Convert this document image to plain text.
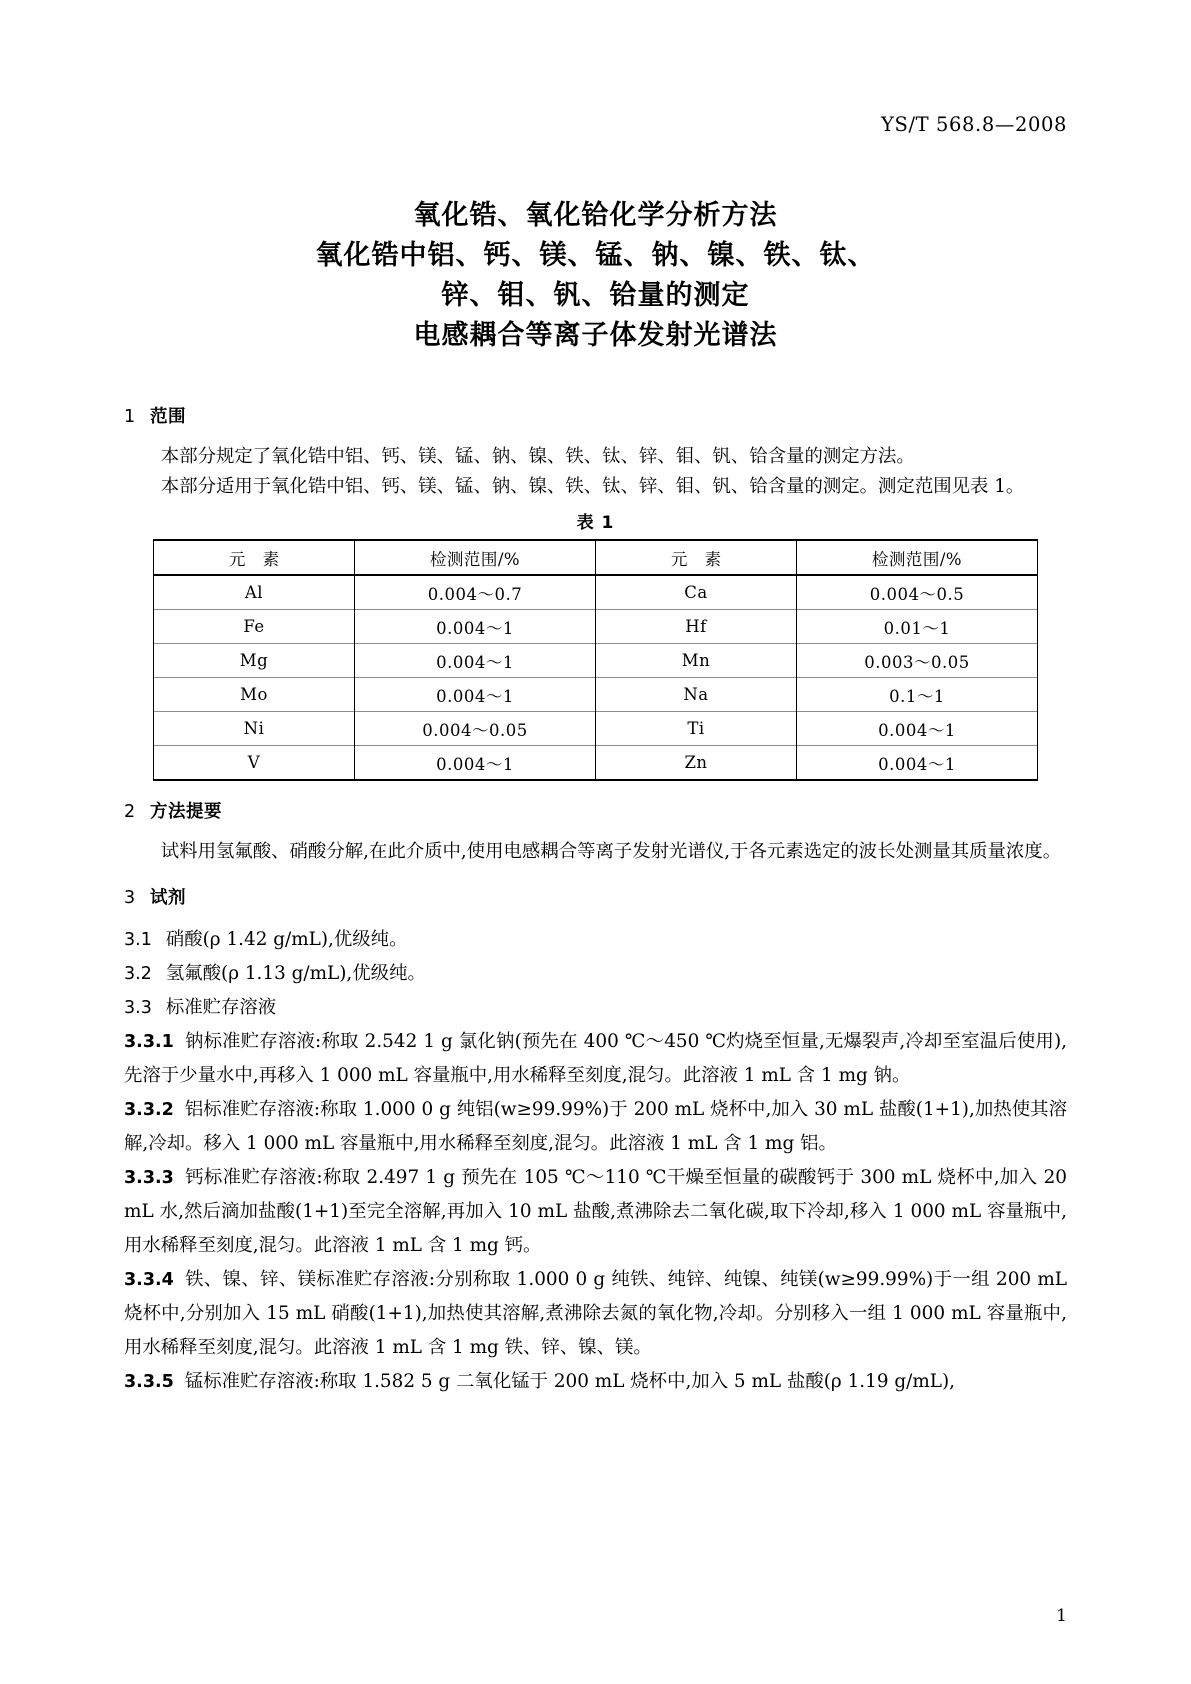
YS/T 568.8—2008
氧化锆、氧化铪化学分析方法
氧化锆中铝、钙、镁、锰、钠、镍、铁、钛、
锌、钼、钒、铪量的测定
电感耦合等离子体发射光谱法
1 范围

本部分规定了氧化锆中铝、钙、镁、锰、钠、镍、铁、钛、锌、钼、钒、铪含量的测定方法。

本部分适用于氧化锆中铝、钙、镁、锰、钠、镍、铁、钛、锌、钼、钒、铪含量的测定。测定范围见表 1。

表 1
元 素	检测范围/%	元 素	检测范围/%
Al	0.004～0.7	Ca	0.004～0.5
Fe	0.004～1	Hf	0.01～1
Mg	0.004～1	Mn	0.003～0.05
Mo	0.004～1	Na	0.1～1
Ni	0.004～0.05	Ti	0.004～1
V	0.004～1	Zn	0.004～1
2 方法提要

试料用氢氟酸、硝酸分解,在此介质中,使用电感耦合等离子发射光谱仪,于各元素选定的波长处测量其质量浓度。

3 试剂

3.1 硝酸(ρ 1.42 g/mL),优级纯。

3.2 氢氟酸(ρ 1.13 g/mL),优级纯。

3.3 标准贮存溶液

3.3.1 钠标准贮存溶液:称取 2.542 1 g 氯化钠(预先在 400 ℃～450 ℃灼烧至恒量,无爆裂声,冷却至室温后使用),先溶于少量水中,再移入 1 000 mL 容量瓶中,用水稀释至刻度,混匀。此溶液 1 mL 含 1 mg 钠。

3.3.2 铝标准贮存溶液:称取 1.000 0 g 纯铝(w≥99.99%)于 200 mL 烧杯中,加入 30 mL 盐酸(1+1),加热使其溶解,冷却。移入 1 000 mL 容量瓶中,用水稀释至刻度,混匀。此溶液 1 mL 含 1 mg 铝。

3.3.3 钙标准贮存溶液:称取 2.497 1 g 预先在 105 ℃～110 ℃干燥至恒量的碳酸钙于 300 mL 烧杯中,加入 20 mL 水,然后滴加盐酸(1+1)至完全溶解,再加入 10 mL 盐酸,煮沸除去二氧化碳,取下冷却,移入 1 000 mL 容量瓶中,用水稀释至刻度,混匀。此溶液 1 mL 含 1 mg 钙。

3.3.4 铁、镍、锌、镁标准贮存溶液:分别称取 1.000 0 g 纯铁、纯锌、纯镍、纯镁(w≥99.99%)于一组 200 mL 烧杯中,分别加入 15 mL 硝酸(1+1),加热使其溶解,煮沸除去氮的氧化物,冷却。分别移入一组 1 000 mL 容量瓶中,用水稀释至刻度,混匀。此溶液 1 mL 含 1 mg 铁、锌、镍、镁。

3.3.5 锰标准贮存溶液:称取 1.582 5 g 二氧化锰于 200 mL 烧杯中,加入 5 mL 盐酸(ρ 1.19 g/mL),

1
